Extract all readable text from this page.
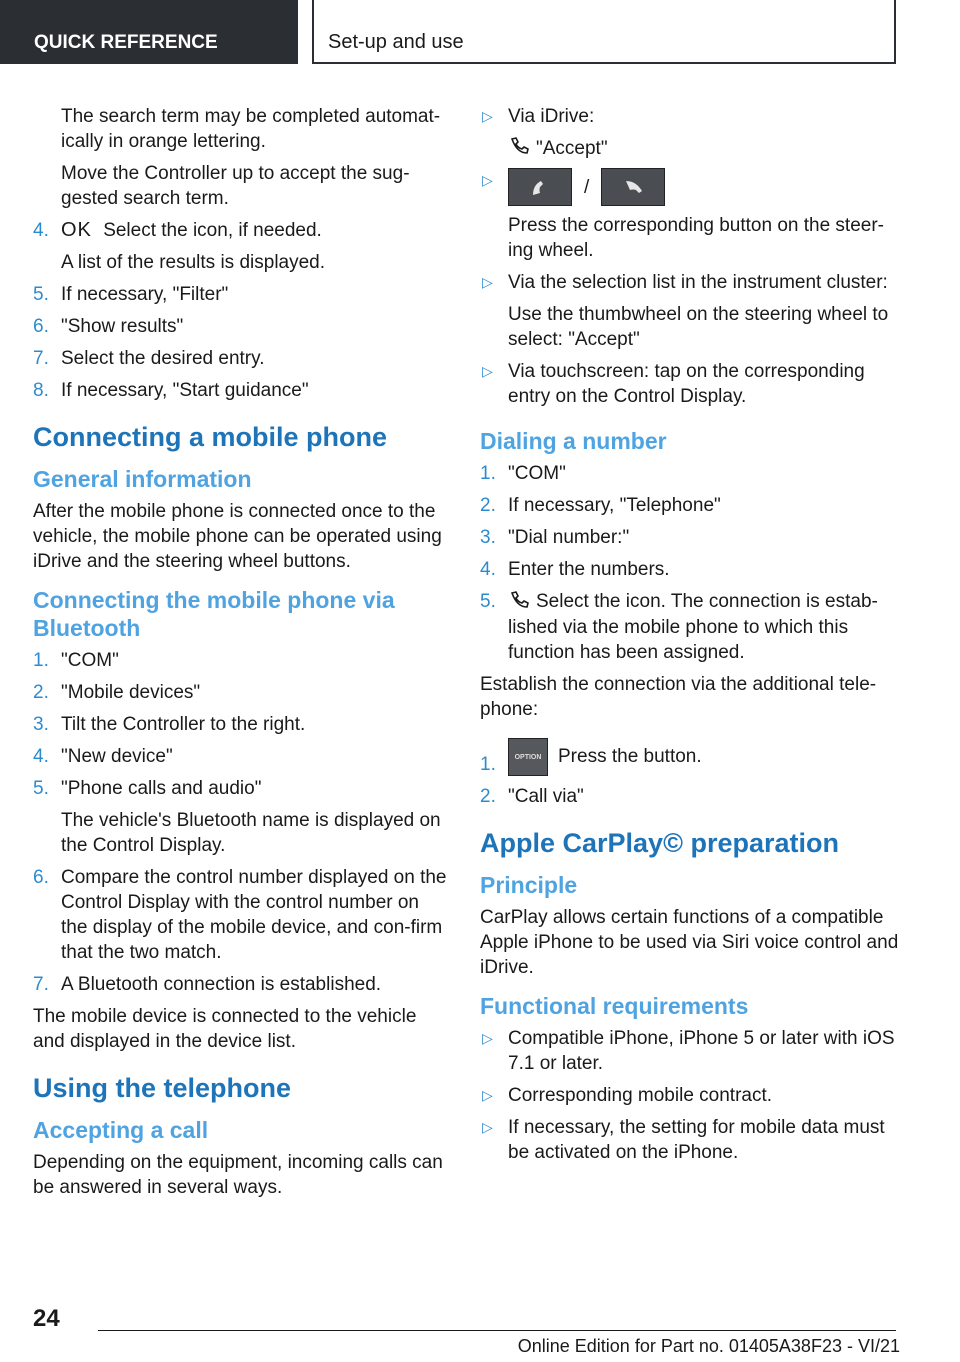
QUICK REFERENCE	Set-up and use
The search term may be completed automat‐ically in orange lettering.
Move the Controller up to accept the sug‐gested search term.
4. OK Select the icon, if needed.
A list of the results is displayed.
5. If necessary, "Filter"
6. "Show results"
7. Select the desired entry.
8. If necessary, "Start guidance"
Connecting a mobile phone
General information
After the mobile phone is connected once to the vehicle, the mobile phone can be operated using iDrive and the steering wheel buttons.
Connecting the mobile phone via Bluetooth
1. "COM"
2. "Mobile devices"
3. Tilt the Controller to the right.
4. "New device"
5. "Phone calls and audio"
The vehicle's Bluetooth name is displayed on the Control Display.
6. Compare the control number displayed on the Control Display with the control number on the display of the mobile device, and con‐firm that the two match.
7. A Bluetooth connection is established.
The mobile device is connected to the vehicle and displayed in the device list.
Using the telephone
Accepting a call
Depending on the equipment, incoming calls can be answered in several ways.
▷ Via iDrive:
"Accept"
▷	/
Press the corresponding button on the steer‐ing wheel.
▷ Via the selection list in the instrument cluster:
Use the thumbwheel on the steering wheel to select: "Accept"
▷ Via touchscreen: tap on the corresponding entry on the Control Display.
Dialing a number
1. "COM"
2. If necessary, "Telephone"
3. "Dial number:"
4. Enter the numbers.
5.	Select the icon. The connection is estab‐lished via the mobile phone to which this function has been assigned.
Establish the connection via the additional tele‐phone:
1.	OPTION Press the button.
2. "Call via"
Apple CarPlay© preparation
Principle
CarPlay allows certain functions of a compatible Apple iPhone to be used via Siri voice control and iDrive.
Functional requirements
▷ Compatible iPhone, iPhone 5 or later with iOS 7.1 or later.
▷ Corresponding mobile contract.
▷ If necessary, the setting for mobile data must be activated on the iPhone.
24
Online Edition for Part no. 01405A38F23 - VI/21
